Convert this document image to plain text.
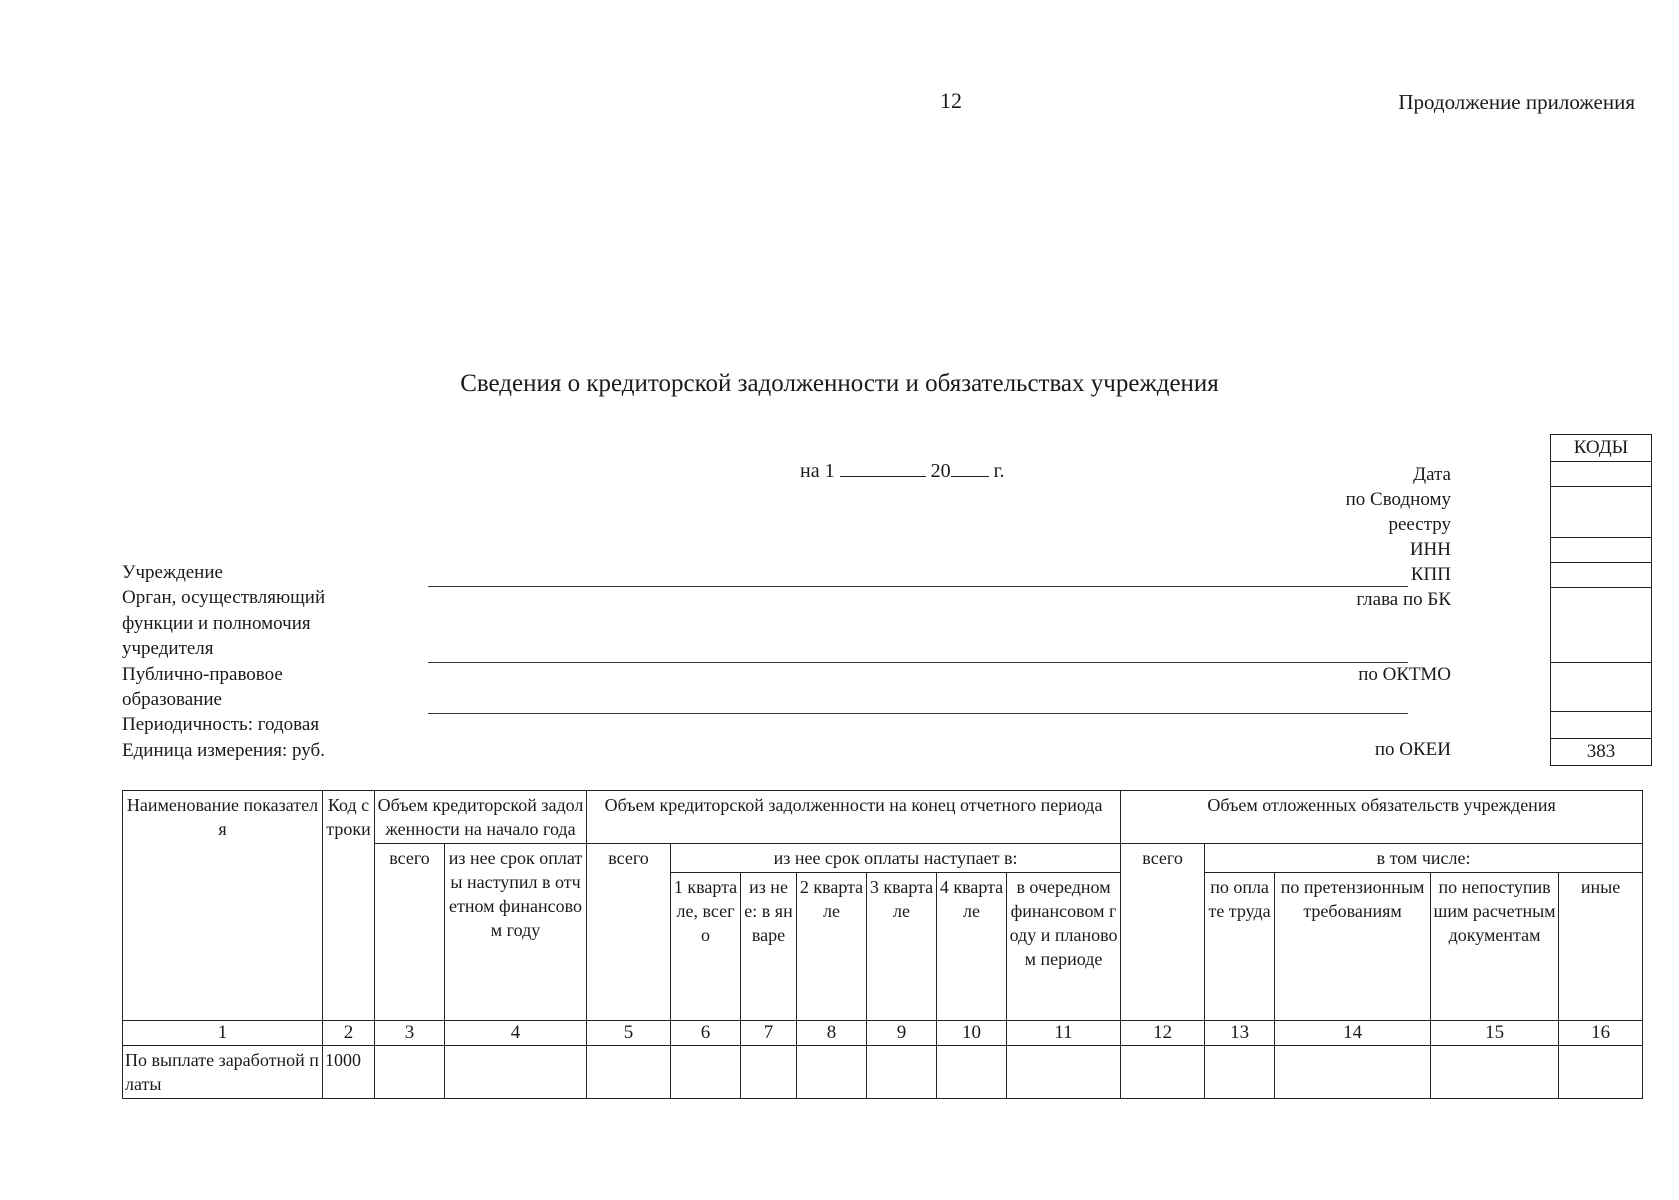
12	Продолжение приложения
Сведения о кредиторской задолженности и обязательствах учреждения
на 1	20 г.
Учреждение
Орган, осуществляющий
функции и полномочия
учредителя
Публично-правовое
образование
Периодичность: годовая
Единица измерения: руб.
Дата
по Сводному
реестру
ИНН
КПП
глава по БК
по ОКТМО
по ОКЕИ
КОДЫ
383
Наименование показателя	Код строки	Объем кредиторской задолженности на начало года		Объем кредиторской задолженности на конец отчетного периода							Объем отложенных обязательств учреждения				
		всего	из нее срок оплаты наступил в отчетном финансовом году	всего	из нее срок оплаты наступает в:						всего	в том числе:			
					1 квартале, всего	из нее: в январе	2 квартале	3 квартале	4 квартале	в очередном финансовом году и плановом периоде		по оплате труда	по претензионным требованиям	по непоступившим расчетным документам	иные
1	2	3	4	5	6	7	8	9	10	11	12	13	14	15	16
По выплате заработной платы	1000														
